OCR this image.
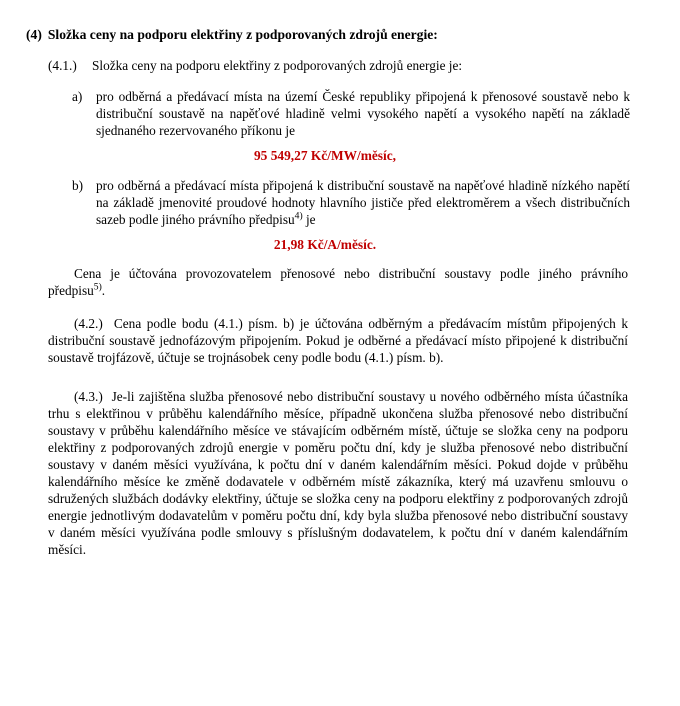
(4) Složka ceny na podporu elektřiny z podporovaných zdrojů energie:
(4.1.)	Složka ceny na podporu elektřiny z podporovaných zdrojů energie je:
a)	pro odběrná a předávací místa na území České republiky připojená k přenosové soustavě nebo k distribuční soustavě na napěťové hladině velmi vysokého napětí a vysokého napětí na základě sjednaného rezervovaného příkonu je
95 549,27 Kč/MW/měsíc,
b) pro odběrná a předávací místa připojená k distribuční soustavě na napěťové hladině nízkého napětí na základě jmenovité proudové hodnoty hlavního jističe před elektroměrem a všech distribučních sazeb podle jiného právního předpisu$^{4)}$ je
21,98 Kč/A/měsíc.
Cena je účtována provozovatelem přenosové nebo distribuční soustavy podle jiného právního předpisu$^{5)}$.
(4.2.) Cena podle bodu (4.1.) písm. b) je účtována odběrným a předávacím místům připojených k distribuční soustavě jednofázovým připojením. Pokud je odběrné a předávací místo připojené k distribuční soustavě trojfázově, účtuje se trojnásobek ceny podle bodu (4.1.) písm. b).
(4.3.) Je-li zajištěna služba přenosové nebo distribuční soustavy u nového odběrného místa účastníka trhu s elektřinou v průběhu kalendářního měsíce, případně ukončena služba přenosové nebo distribuční soustavy v průběhu kalendářního měsíce ve stávajícím odběrném místě, účtuje se složka ceny na podporu elektřiny z podporovaných zdrojů energie v poměru počtu dní, kdy je služba přenosové nebo distribuční soustavy v daném měsíci využívána, k počtu dní v daném kalendářním měsíci. Pokud dojde v průběhu kalendářního měsíce ke změně dodavatele v odběrném místě zákazníka, který má uzavřenu smlouvu o sdružených službách dodávky elektřiny, účtuje se složka ceny na podporu elektřiny z podporovaných zdrojů energie jednotlivým dodavatelům v poměru počtu dní, kdy byla služba přenosové nebo distribuční soustavy v daném měsíci využívána podle smlouvy s příslušným dodavatelem, k počtu dní v daném kalendářním měsíci.
